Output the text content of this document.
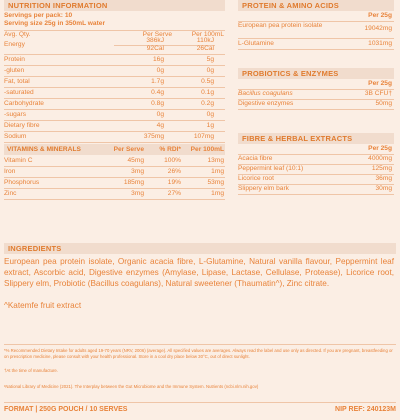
NUTRITION INFORMATION
Servings per pack: 10
Serving size 25g in 350mL water
Avg. Qty.	Per Serve	Per 100mL
Energy
386kJ	110kJ
92Cal	26Cal
Protein	16g	5g
-gluten	0g	0g
Fat, total	1.7g	0.5g
-saturated	0.4g	0.1g
Carbohydrate	0.8g	0.2g
-sugars	0g	0g
Dietary fibre	4g	1g
Sodium	375mg	107mg
VITAMINS & MINERALS	Per Serve	% RDI*	Per 100mL
Vitamin C	45mg	100%	13mg
Iron	3mg	26%	1mg
Phosphorus	185mg	19%	53mg
Zinc	3mg	27%	1mg
PROTEIN & AMINO ACIDS
Per 25g
European pea protein isolate	19042mg
L-Glutamine	1031mg
PROBIOTICS & ENZYMES
Per 25g
Bacillus coagulans	3B CFU†
Digestive enzymes	50mg
FIBRE & HERBAL EXTRACTS
Per 25g
Acacia fibre	4000mg
Peppermint leaf (10:1)	125mg
Licorice root	36mg
Slippery elm bark	30mg
INGREDIENTS
European pea protein isolate, Organic acacia fibre, L-Glutamine, Natural vanilla flavour, Peppermint leaf extract, Ascorbic acid, Digestive enzymes (Amylase, Lipase, Lactase, Cellulase, Protease), Licorice root, Slippery elm, Probiotic (Bacillus coagulans), Natural sweetener (Thaumatin^), Zinc citrate.
^Katemfe fruit extract
*% Recommended Dietary Intake for adults aged 19-70 years (NRV, 2006) (average). All specified values are averages. Always read the label and use only as directed. If you are pregnant, breastfeeding or on prescription medicine, please consult with your health professional. Store in a cool dry place below 30°C, out of direct sunlight.
†At the time of manufacture.
¹National Library of Medicine (2021). The Interplay between the Gut Microbiome and the Immune System. Nutrients (ncbi.nlm.nih.gov)
FORMAT | 250G POUCH / 10 SERVES	NIP REF: 240123M
